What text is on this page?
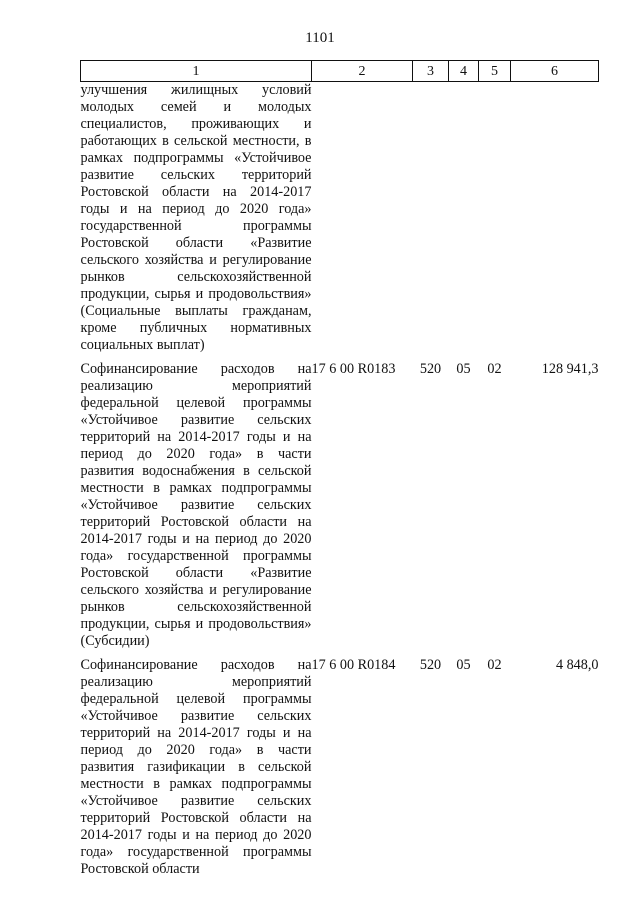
1101
1	2	3	4	5	6
улучшения жилищных условий молодых семей и молодых специалистов, проживающих и работающих в сельской местности, в рамках подпрограммы «Устойчивое развитие сельских территорий Ростовской области на 2014-2017 годы и на период до 2020 года» государственной программы Ростовской области «Развитие сельского хозяйства и регулирование рынков сельскохозяйственной продукции, сырья и продовольствия» (Социальные выплаты гражданам, кроме публичных нормативных социальных выплат)					
Софинансирование расходов на реализацию мероприятий федеральной целевой программы «Устойчивое развитие сельских территорий на 2014-2017 годы и на период до 2020 года» в части развития водоснабжения в сельской местности в рамках подпрограммы «Устойчивое развитие сельских территорий Ростовской области на 2014-2017 годы и на период до 2020 года» государственной программы Ростовской области «Развитие сельского хозяйства и регулирование рынков сельскохозяйственной продукции, сырья и продовольствия» (Субсидии)	17 6 00 R0183	520	05	02	128 941,3
Софинансирование расходов на реализацию мероприятий федеральной целевой программы «Устойчивое развитие сельских территорий на 2014-2017 годы и на период до 2020 года» в части развития газификации в сельской местности в рамках подпрограммы «Устойчивое развитие сельских территорий Ростовской области на 2014-2017 годы и на период до 2020 года» государственной программы Ростовской области	17 6 00 R0184	520	05	02	4 848,0
